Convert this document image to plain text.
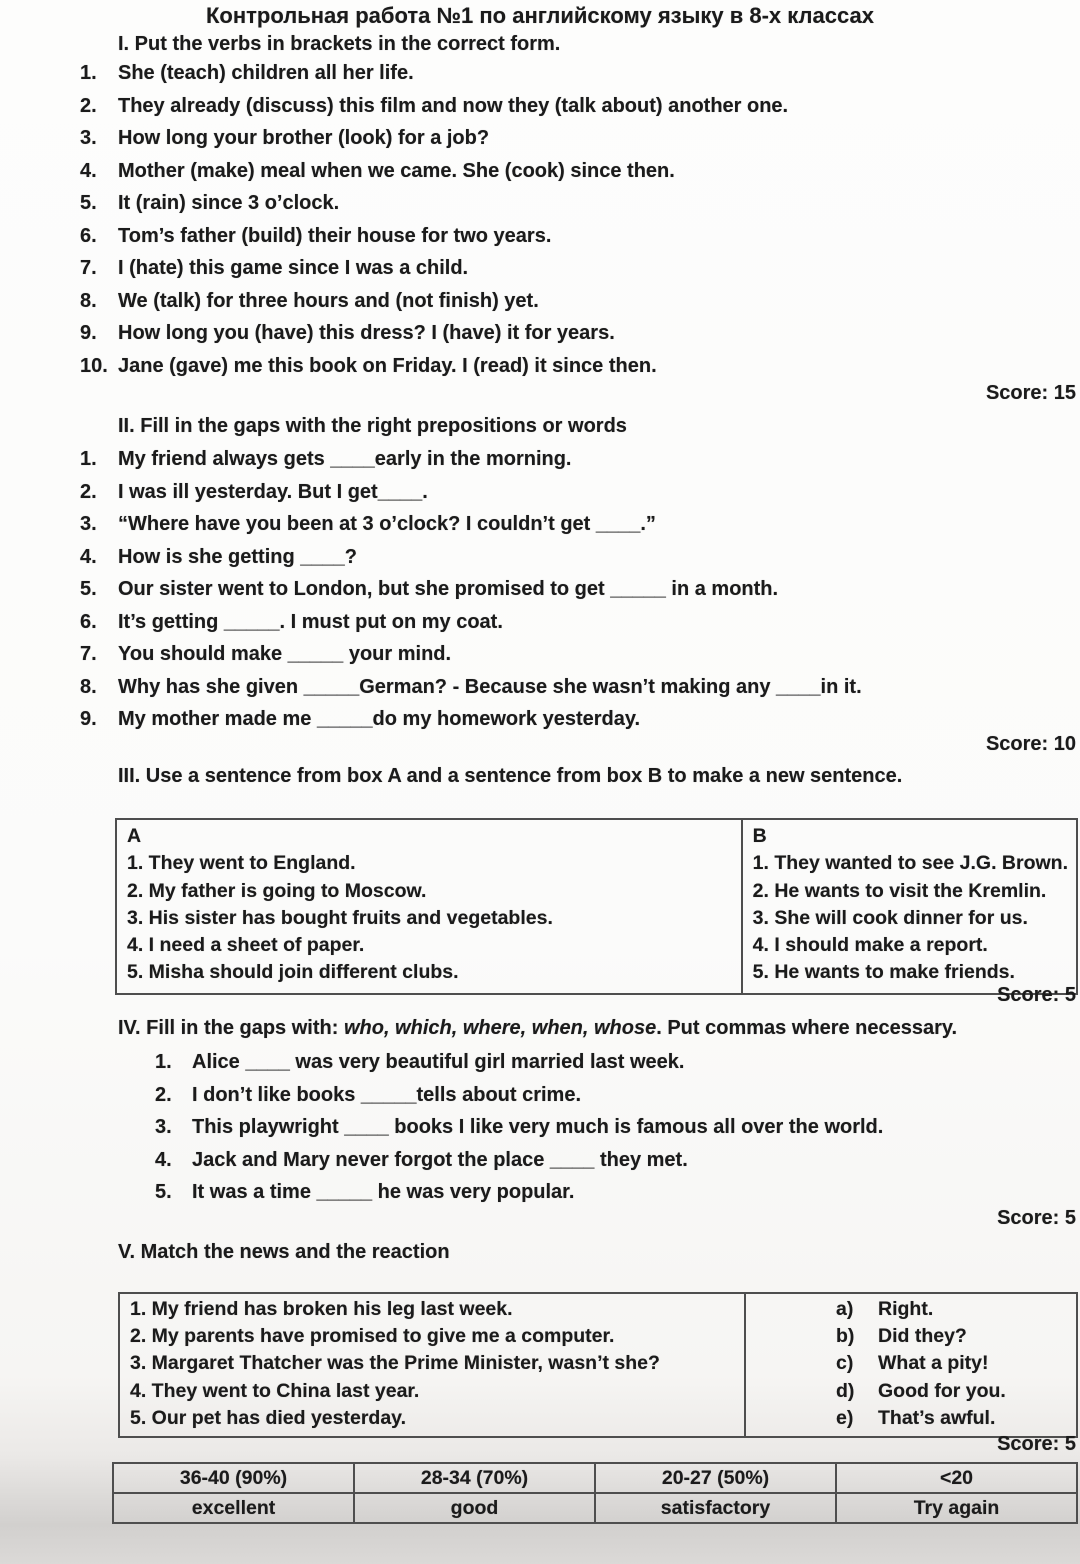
Контрольная работа №1 по английскому языку в 8-х классах
I. Put the verbs in brackets in the correct form.
1.	She (teach) children all her life.
2.	They already (discuss) this film and now they (talk about) another one.
3.	How long your brother (look) for a job?
4.	Mother (make) meal when we came. She (cook) since then.
5.	It (rain) since 3 o’clock.
6.	Tom’s father (build) their house for two years.
7.	I (hate) this game since I was a child.
8.	We (talk) for three hours and (not finish) yet.
9.	How long you (have) this dress? I (have) it for years.
10. Jane (gave) me this book on Friday. I (read) it since then.
Score: 15
II. Fill in the gaps with the right prepositions or words
1.	My friend always gets ____early in the morning.
2.	I was ill yesterday. But I get____.
3.	“Where have you been at 3 o’clock? I couldn’t get ____.”
4.	How is she getting ____?
5.	Our sister went to London, but she promised to get _____ in a month.
6.	It’s getting _____. I must put on my coat.
7.	You should make _____ your mind.
8.	Why has she given _____German? - Because she wasn’t making any ____in it.
9.	My mother made me _____do my homework yesterday.
Score: 10
III. Use a sentence from box A and a sentence from box B to make a new sentence.
A
1. They went to England.
2. My father is going to Moscow.
3. His sister has bought fruits and vegetables.
4. I need a sheet of paper.
5. Misha should join different clubs.
B
1. They wanted to see J.G. Brown.
2. He wants to visit the Kremlin.
3. She will cook dinner for us.
4. I should make a report.
5. He wants to make friends.
Score: 5
IV. Fill in the gaps with: who, which, where, when, whose. Put commas where necessary.
1.	Alice ____ was very beautiful girl married last week.
2.	I don’t like books _____tells about crime.
3.	This playwright ____ books I like very much is famous all over the world.
4.	Jack and Mary never forgot the place ____ they met.
5.	It was a time _____ he was very popular.
Score: 5
V. Match the news and the reaction
1. My friend has broken his leg last week.
2. My parents have promised to give me a computer.
3. Margaret Thatcher was the Prime Minister, wasn’t she?
4. They went to China last year.
5. Our pet has died yesterday.
a)	Right.
b)	Did they?
c)	What a pity!
d)	Good for you.
e)	That’s awful.
Score: 5
36-40 (90%)	28-34 (70%)	20-27 (50%)	<20
excellent	good	satisfactory	Try again
